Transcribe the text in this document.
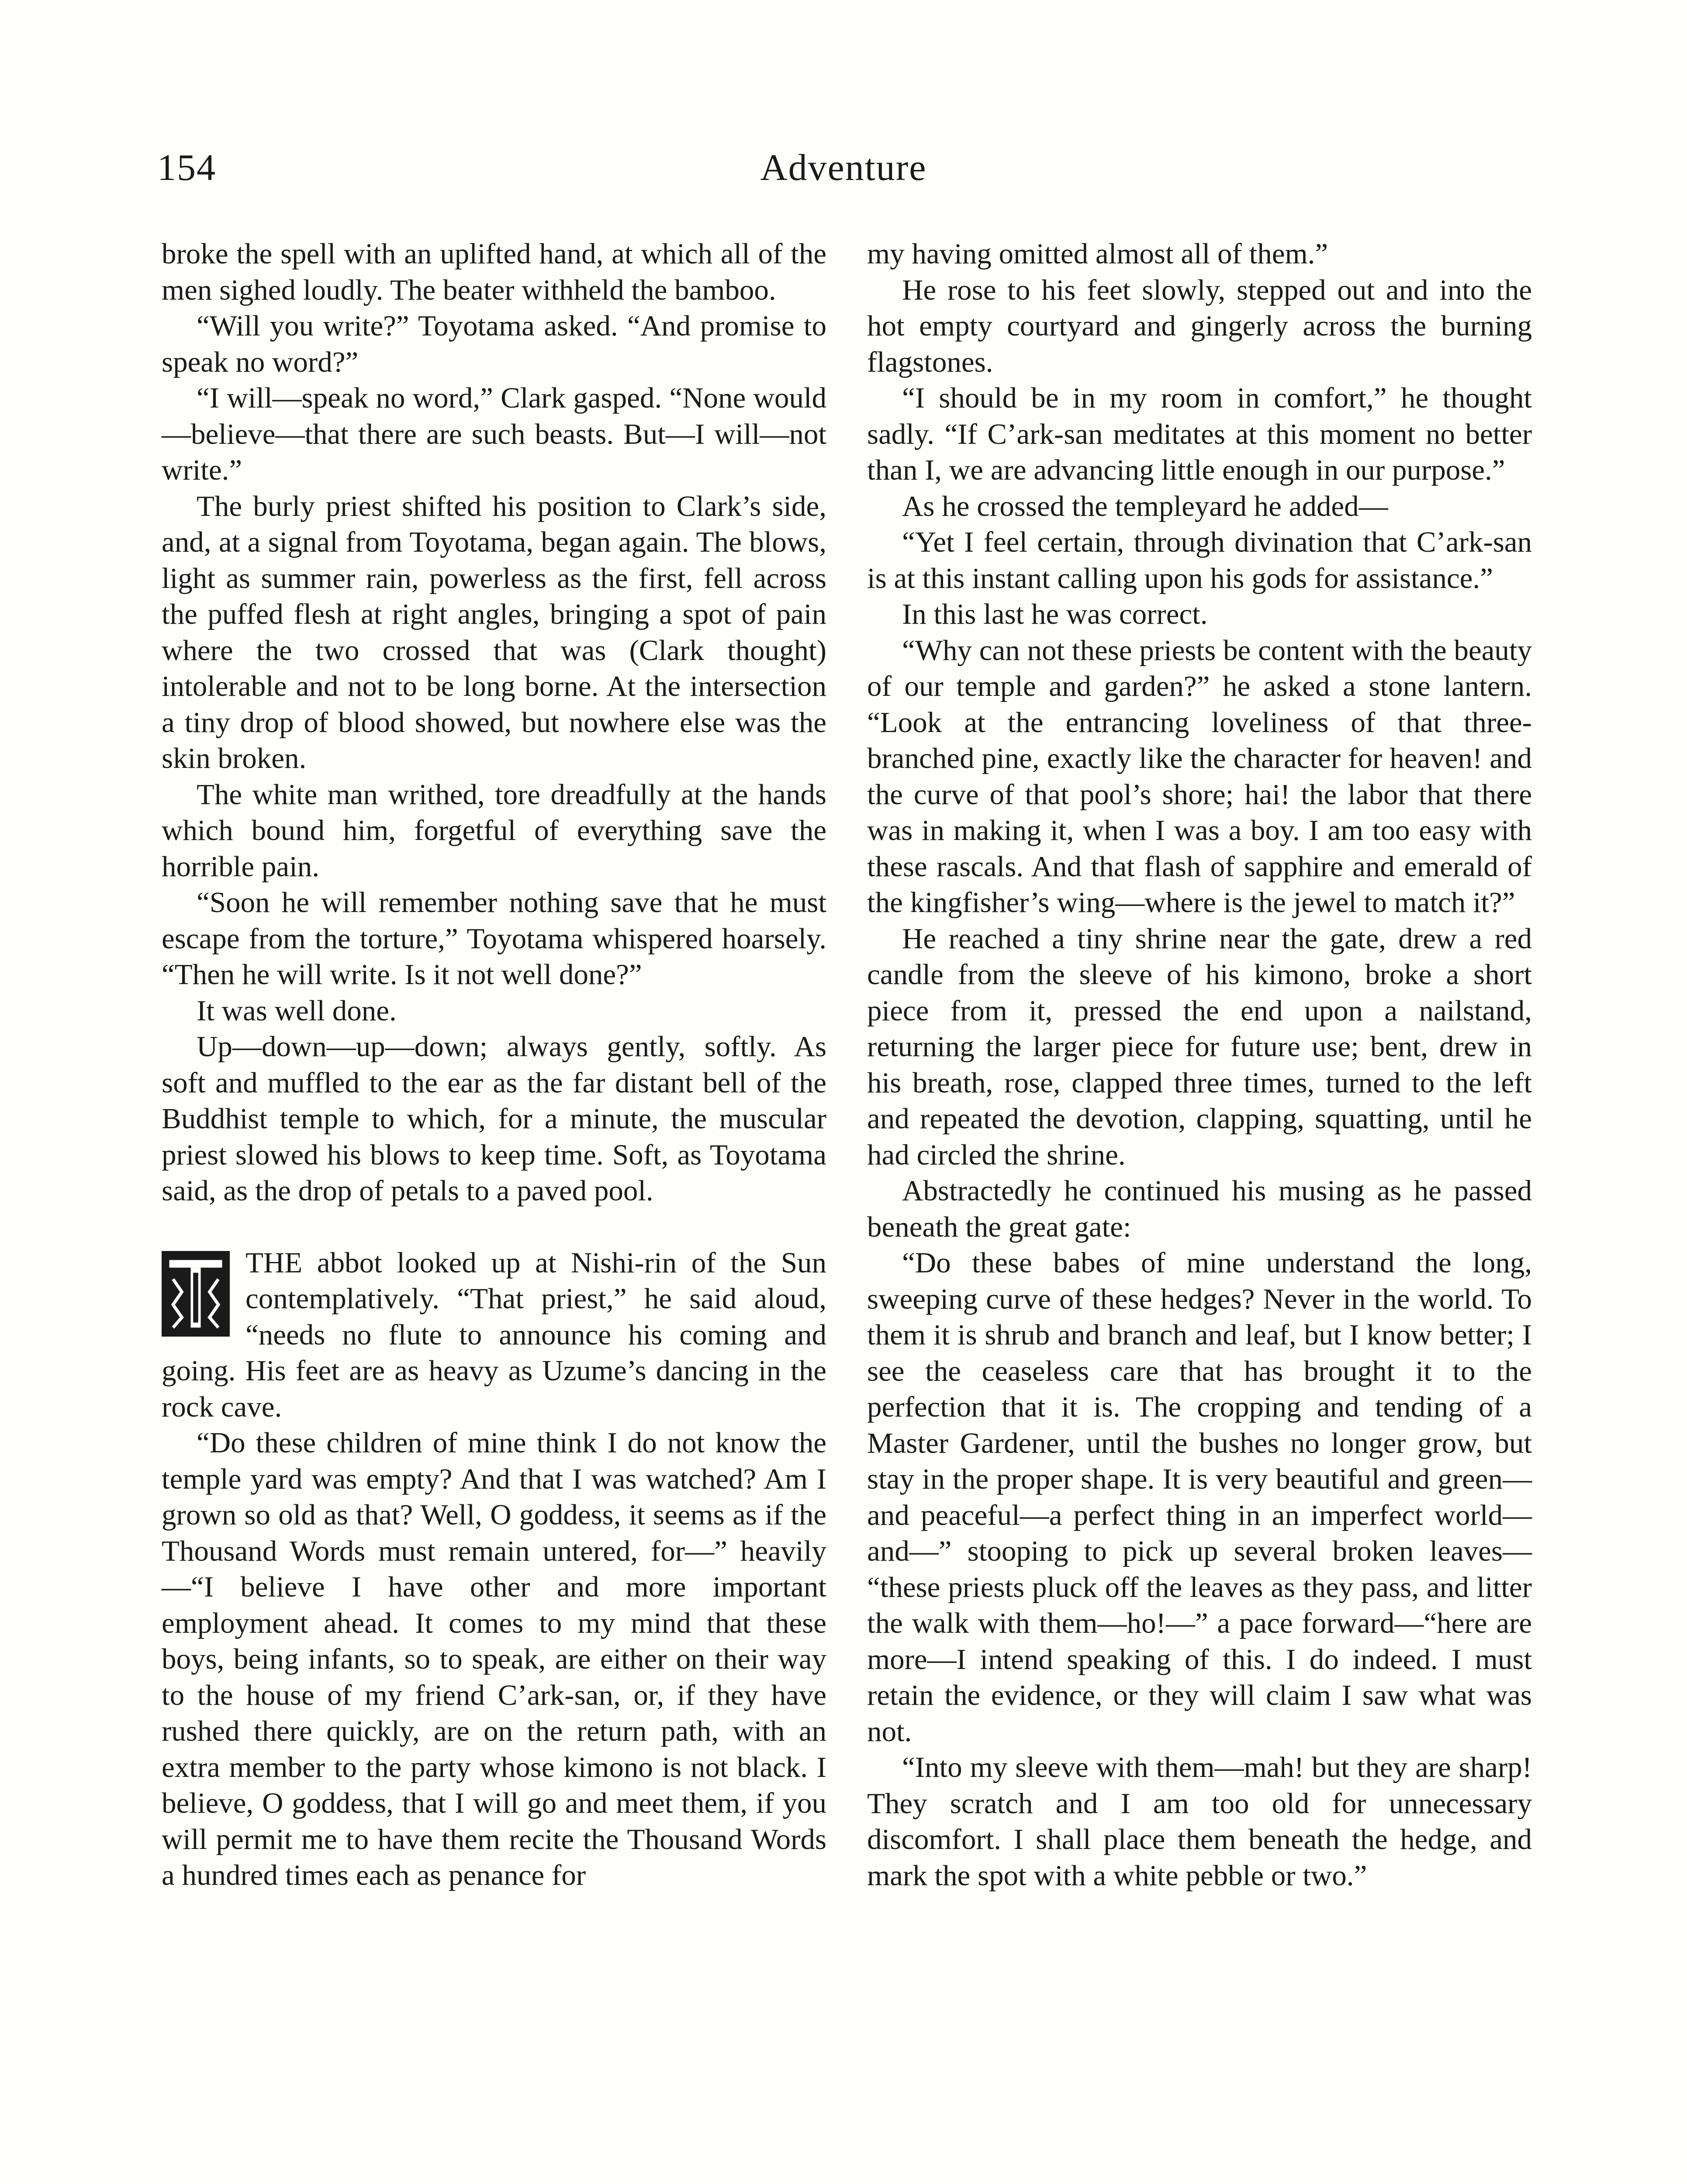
154	Adventure

broke the spell with an uplifted hand, at which all of the men sighed loudly. The beater withheld the bamboo.

“Will you write?” Toyotama asked. “And promise to speak no word?”

“I will—speak no word,” Clark gasped. “None would—believe—that there are such beasts. But—I will—not write.”

The burly priest shifted his position to Clark’s side, and, at a signal from Toyotama, began again. The blows, light as summer rain, powerless as the first, fell across the puffed flesh at right angles, bringing a spot of pain where the two crossed that was (Clark thought) intolerable and not to be long borne. At the intersection a tiny drop of blood showed, but nowhere else was the skin broken.

The white man writhed, tore dreadfully at the hands which bound him, forgetful of everything save the horrible pain.

“Soon he will remember nothing save that he must escape from the torture,” Toyotama whispered hoarsely. “Then he will write. Is it not well done?”

It was well done.

Up—down—up—down; always gently, softly. As soft and muffled to the ear as the far distant bell of the Buddhist temple to which, for a minute, the muscular priest slowed his blows to keep time. Soft, as Toyotama said, as the drop of petals to a paved pool.

THE abbot looked up at Nishi-rin of the Sun contemplatively. “That priest,” he said aloud, “needs no flute to announce his coming and going. His feet are as heavy as Uzume’s dancing in the rock cave.

“Do these children of mine think I do not know the temple yard was empty? And that I was watched? Am I grown so old as that? Well, O goddess, it seems as if the Thousand Words must remain untered, for—” heavily—“I believe I have other and more important employment ahead. It comes to my mind that these boys, being infants, so to speak, are either on their way to the house of my friend C’ark-san, or, if they have rushed there quickly, are on the return path, with an extra member to the party whose kimono is not black. I believe, O goddess, that I will go and meet them, if you will permit me to have them recite the Thousand Words a hundred times each as penance for

my having omitted almost all of them.”

He rose to his feet slowly, stepped out and into the hot empty courtyard and gingerly across the burning flagstones.

“I should be in my room in comfort,” he thought sadly. “If C’ark-san meditates at this moment no better than I, we are advancing little enough in our purpose.”

As he crossed the templeyard he added—

“Yet I feel certain, through divination that C’ark-san is at this instant calling upon his gods for assistance.”

In this last he was correct.

“Why can not these priests be content with the beauty of our temple and garden?” he asked a stone lantern. “Look at the entrancing loveliness of that three-branched pine, exactly like the character for heaven! and the curve of that pool’s shore; hai! the labor that there was in making it, when I was a boy. I am too easy with these rascals. And that flash of sapphire and emerald of the kingfisher’s wing—where is the jewel to match it?”

He reached a tiny shrine near the gate, drew a red candle from the sleeve of his kimono, broke a short piece from it, pressed the end upon a nailstand, returning the larger piece for future use; bent, drew in his breath, rose, clapped three times, turned to the left and repeated the devotion, clapping, squatting, until he had circled the shrine.

Abstractedly he continued his musing as he passed beneath the great gate:

“Do these babes of mine understand the long, sweeping curve of these hedges? Never in the world. To them it is shrub and branch and leaf, but I know better; I see the ceaseless care that has brought it to the perfection that it is. The cropping and tending of a Master Gardener, until the bushes no longer grow, but stay in the proper shape. It is very beautiful and green—and peaceful—a perfect thing in an imperfect world—and—” stooping to pick up several broken leaves— “these priests pluck off the leaves as they pass, and litter the walk with them—ho!—” a pace forward—“here are more—I intend speaking of this. I do indeed. I must retain the evidence, or they will claim I saw what was not.

“Into my sleeve with them—mah! but they are sharp! They scratch and I am too old for unnecessary discomfort. I shall place them beneath the hedge, and mark the spot with a white pebble or two.”
